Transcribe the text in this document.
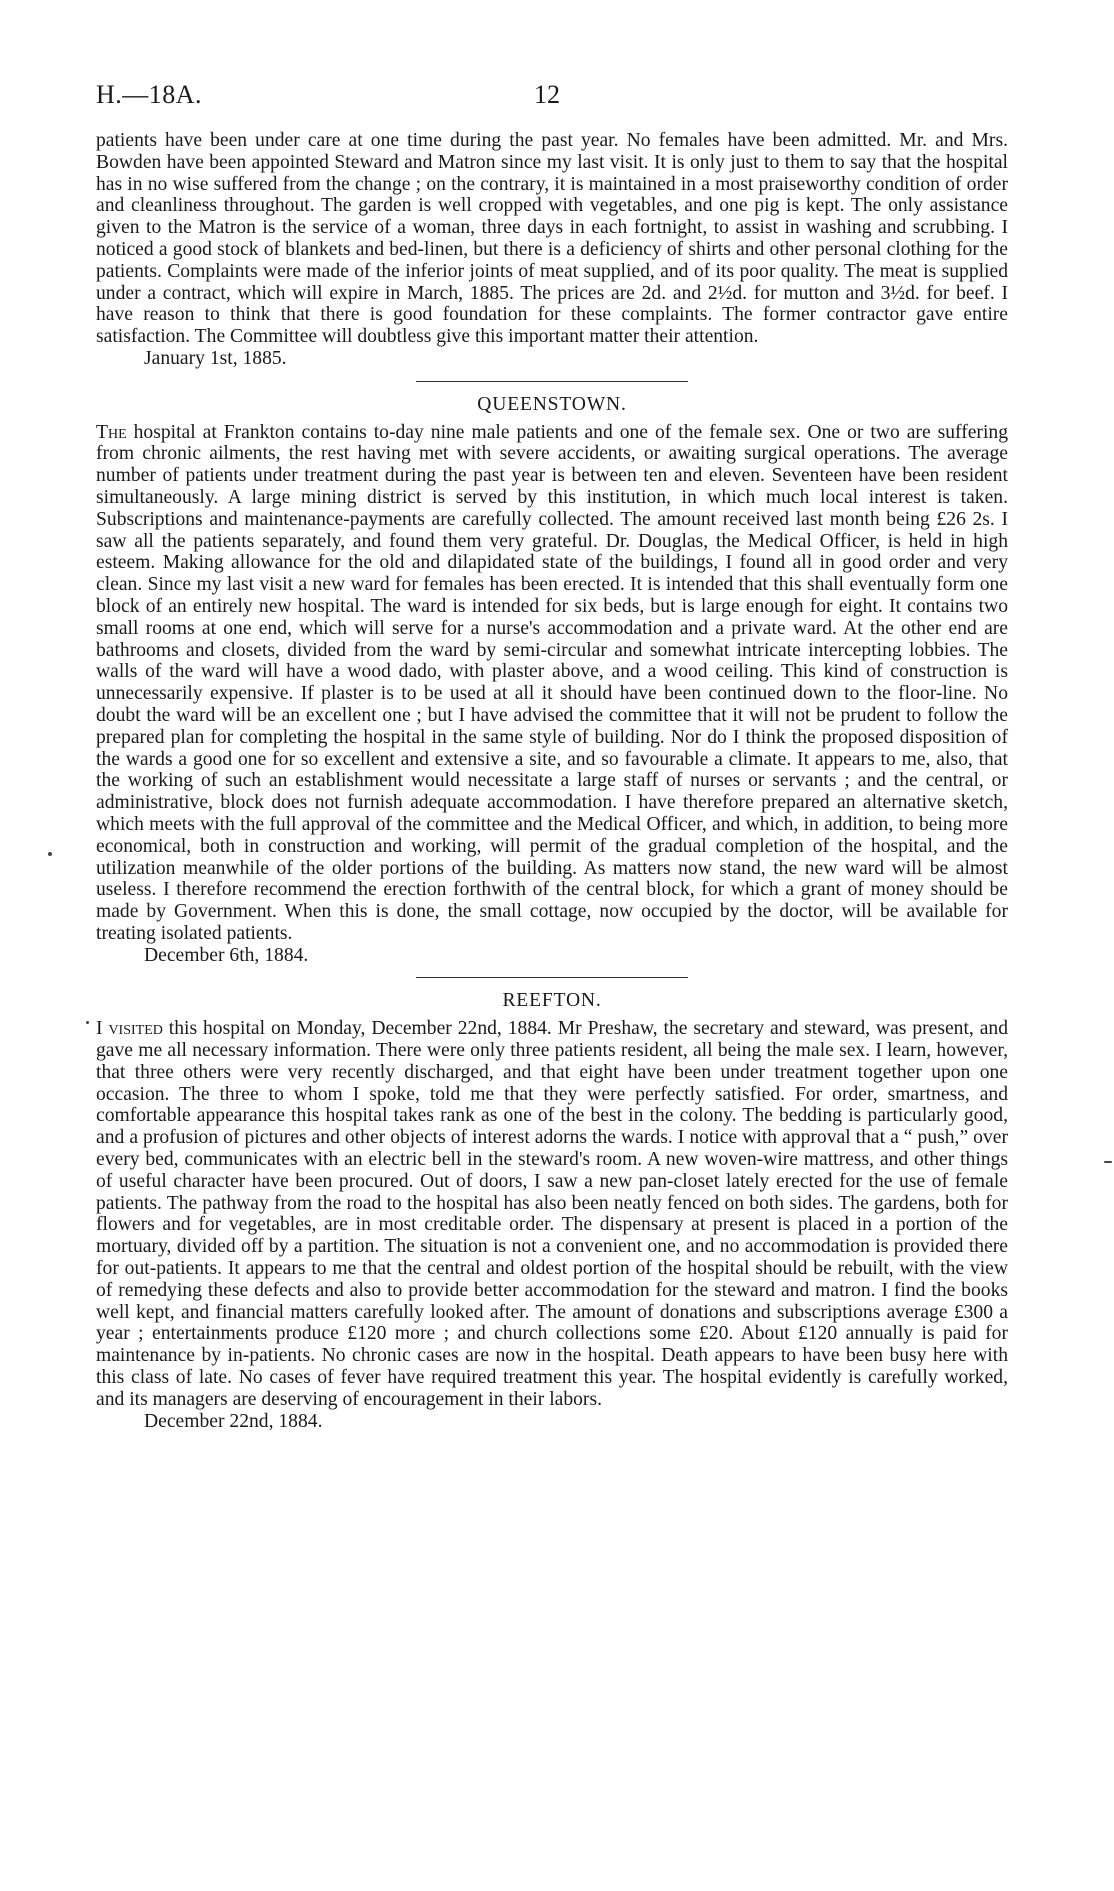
H.—18A.	12

patients have been under care at one time during the past year. No females have been admitted. Mr. and Mrs. Bowden have been appointed Steward and Matron since my last visit. It is only just to them to say that the hospital has in no wise suffered from the change ; on the contrary, it is maintained in a most praiseworthy condition of order and cleanliness throughout. The garden is well cropped with vegetables, and one pig is kept. The only assistance given to the Matron is the service of a woman, three days in each fortnight, to assist in washing and scrubbing. I noticed a good stock of blankets and bed-linen, but there is a deficiency of shirts and other personal clothing for the patients. Complaints were made of the inferior joints of meat supplied, and of its poor quality. The meat is supplied under a contract, which will expire in March, 1885. The prices are 2d. and 2½d. for mutton and 3½d. for beef. I have reason to think that there is good foundation for these complaints. The former contractor gave entire satisfaction. The Committee will doubtless give this important matter their attention.

January 1st, 1885.

QUEENSTOWN.

The hospital at Frankton contains to-day nine male patients and one of the female sex. One or two are suffering from chronic ailments, the rest having met with severe accidents, or awaiting surgical operations. The average number of patients under treatment during the past year is between ten and eleven. Seventeen have been resident simultaneously. A large mining district is served by this institution, in which much local interest is taken. Subscriptions and maintenance-payments are carefully collected. The amount received last month being £26 2s. I saw all the patients separately, and found them very grateful. Dr. Douglas, the Medical Officer, is held in high esteem. Making allowance for the old and dilapidated state of the buildings, I found all in good order and very clean. Since my last visit a new ward for females has been erected. It is intended that this shall eventually form one block of an entirely new hospital. The ward is intended for six beds, but is large enough for eight. It contains two small rooms at one end, which will serve for a nurse's accommodation and a private ward. At the other end are bathrooms and closets, divided from the ward by semi-circular and somewhat intricate intercepting lobbies. The walls of the ward will have a wood dado, with plaster above, and a wood ceiling. This kind of construction is unnecessarily expensive. If plaster is to be used at all it should have been continued down to the floor-line. No doubt the ward will be an excellent one ; but I have advised the committee that it will not be prudent to follow the prepared plan for completing the hospital in the same style of building. Nor do I think the proposed disposition of the wards a good one for so excellent and extensive a site, and so favourable a climate. It appears to me, also, that the working of such an establishment would necessitate a large staff of nurses or servants ; and the central, or administrative, block does not furnish adequate accommodation. I have therefore prepared an alternative sketch, which meets with the full approval of the committee and the Medical Officer, and which, in addition, to being more economical, both in construction and working, will permit of the gradual completion of the hospital, and the utilization meanwhile of the older portions of the building. As matters now stand, the new ward will be almost useless. I therefore recommend the erection forthwith of the central block, for which a grant of money should be made by Government. When this is done, the small cottage, now occupied by the doctor, will be available for treating isolated patients.

December 6th, 1884.

REEFTON.

I visited this hospital on Monday, December 22nd, 1884. Mr Preshaw, the secretary and steward, was present, and gave me all necessary information. There were only three patients resident, all being the male sex. I learn, however, that three others were very recently discharged, and that eight have been under treatment together upon one occasion. The three to whom I spoke, told me that they were perfectly satisfied. For order, smartness, and comfortable appearance this hospital takes rank as one of the best in the colony. The bedding is particularly good, and a profusion of pictures and other objects of interest adorns the wards. I notice with approval that a “ push,” over every bed, communicates with an electric bell in the steward's room. A new woven-wire mattress, and other things of useful character have been procured. Out of doors, I saw a new pan-closet lately erected for the use of female patients. The pathway from the road to the hospital has also been neatly fenced on both sides. The gardens, both for flowers and for vegetables, are in most creditable order. The dispensary at present is placed in a portion of the mortuary, divided off by a partition. The situation is not a convenient one, and no accommodation is provided there for out-patients. It appears to me that the central and oldest portion of the hospital should be rebuilt, with the view of remedying these defects and also to provide better accommodation for the steward and matron. I find the books well kept, and financial matters carefully looked after. The amount of donations and subscriptions average £300 a year ; entertainments produce £120 more ; and church collections some £20. About £120 annually is paid for maintenance by in-patients. No chronic cases are now in the hospital. Death appears to have been busy here with this class of late. No cases of fever have required treatment this year. The hospital evidently is carefully worked, and its managers are deserving of encouragement in their labors.

December 22nd, 1884.
